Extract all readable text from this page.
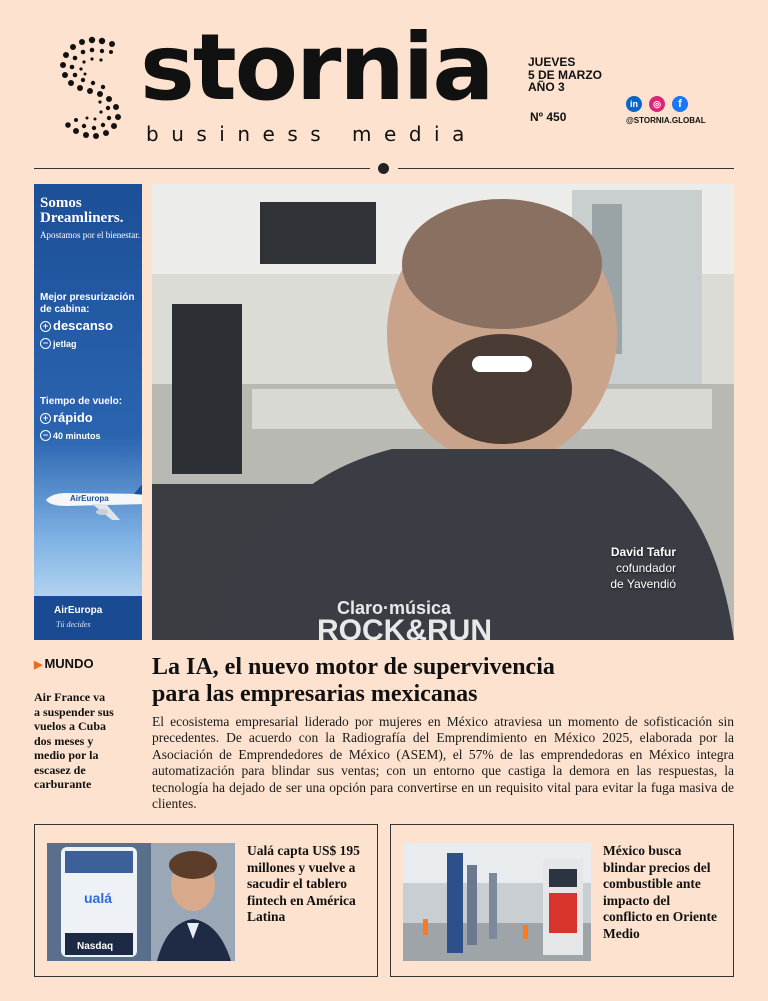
stornia
business media
JUEVES
5 DE MARZO
AÑO 3
Nº 450
in	◎	f
@STORNIA.GLOBAL
Somos Dreamliners.
Apostamos por el bienestar.
Mejor presurización de cabina:
+ descanso
− jetlag
Tiempo de vuelo:
+ rápido
− 40 minutos
AirEuropa
AirEuropa
Tú decides
Claro·música
ROCK&RUN
David Tafur
cofundador
de Yavendió
▶ MUNDO
Air France va a suspender sus vuelos a Cuba dos meses y medio por la escasez de carburante
La IA, el nuevo motor de supervivencia
para las empresarias mexicanas

El ecosistema empresarial liderado por mujeres en México atraviesa un momento de sofisticación sin precedentes. De acuerdo con la Radiografía del Emprendimiento en México 2025, elaborada por la Asociación de Emprendedores de México (ASEM), el 57% de las emprendedoras en México integra automatización para blindar sus ventas; con un entorno que castiga la demora en las respuestas, la tecnología ha dejado de ser una opción para convertirse en un requisito vital para evitar la fuga masiva de clientes.

ualá
Nasdaq
Ualá capta US$ 195 millones y vuelve a sacudir el tablero fintech en América Latina
México busca blindar precios del combustible ante impacto del conflicto en Oriente Medio
